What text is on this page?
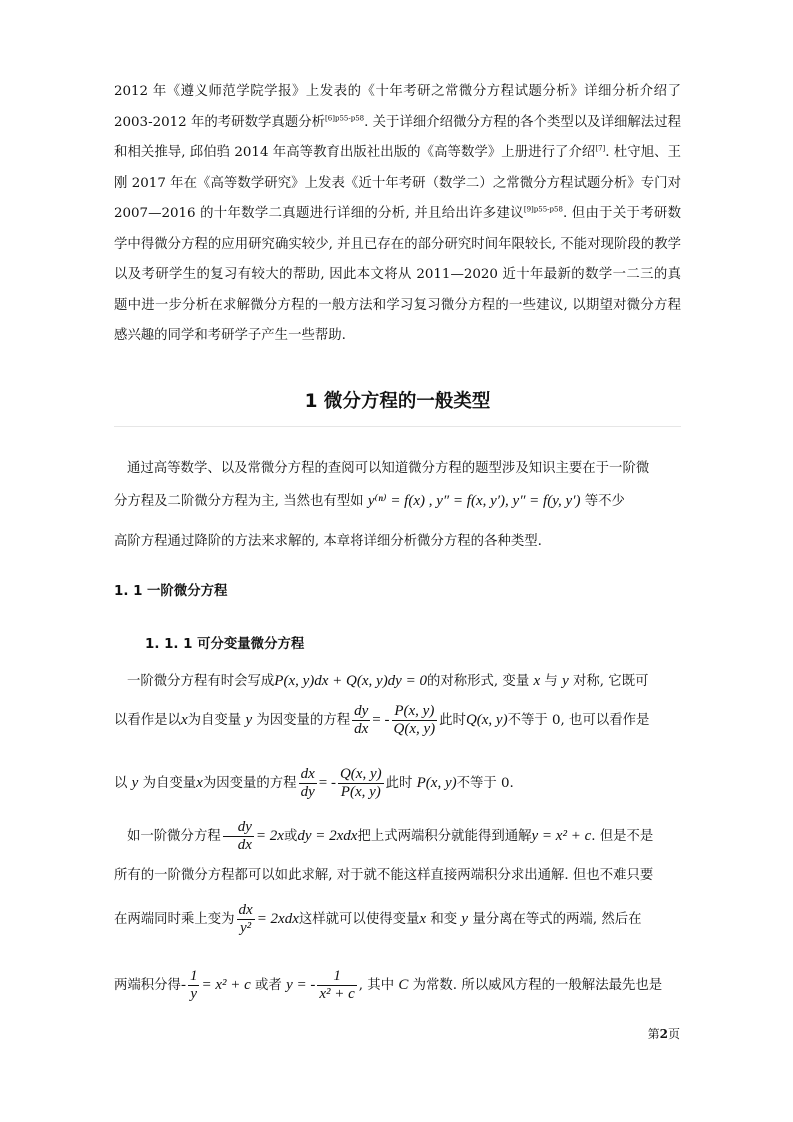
2012 年《遵义师范学院学报》上发表的《十年考研之常微分方程试题分析》详细分析介绍了 2003-2012 年的考研数学真题分析$^{[6]p55-p58}$. 关于详细介绍微分方程的各个类型以及详细解法过程和相关推导, 邱伯驺 2014 年高等教育出版社出版的《高等数学》上册进行了介绍[7]. 杜守旭、王刚 2017 年在《高等数学研究》上发表《近十年考研（数学二）之常微分方程试题分析》专门对 2007—2016 的十年数学二真题进行详细的分析, 并且给出许多建议$^{[9]p55-p58}$. 但由于关于考研数学中得微分方程的应用研究确实较少, 并且已存在的部分研究时间年限较长, 不能对现阶段的教学以及考研学生的复习有较大的帮助, 因此本文将从 2011—2020 近十年最新的数学一二三的真题中进一步分析在求解微分方程的一般方法和学习复习微分方程的一些建议, 以期望对微分方程感兴趣的同学和考研学子产生一些帮助.

1 微分方程的一般类型

通过高等数学、以及常微分方程的查阅可以知道微分方程的题型涉及知识主要在于一阶微

分方程及二阶微分方程为主, 当然也有型如 y⁽ⁿ⁾ = f(x) , y″ = f(x, y′), y″ = f(y, y′) 等不少

高阶方程通过降阶的方法来求解的, 本章将详细分析微分方程的各种类型.

1. 1 一阶微分方程
1. 1. 1 可分变量微分方程

一阶微分方程有时会写成P(x, y)dx + Q(x, y)dy = 0的对称形式, 变量 x 与 y 对称, 它既可

以看作是以x为自变量 y 为因变量的方程 $\frac{dy}{dx}$ = - $\frac{P(x, y)}{Q(x, y)}$ 此时Q(x, y)不等于 0, 也可以看作是

以 y 为自变量x为因变量的方程 $\frac{dx}{dy}$ = - $\frac{Q(x, y)}{P(x, y)}$ 此时 P(x, y)不等于 0.

如一阶微分方程 $\frac{dy}{dx} = 2x$或dy = 2xdx把上式两端积分就能得到通解y = x² + c. 但是不是

所有的一阶微分方程都可以如此求解, 对于就不能这样直接两端积分求出通解. 但也不难只要

在两端同时乘上变为 $\frac{dx}{\text{y²}} = 2xdx$这样就可以使得变量x 和变 y 量分离在等式的两端, 然后在

两端积分得- $\frac{1}{y} = x^2 + c$ 或者 y = - $\frac{1}{\text{x² + c}}$ , 其中 C 为常数. 所以威风方程的一般解法最先也是

第2页
